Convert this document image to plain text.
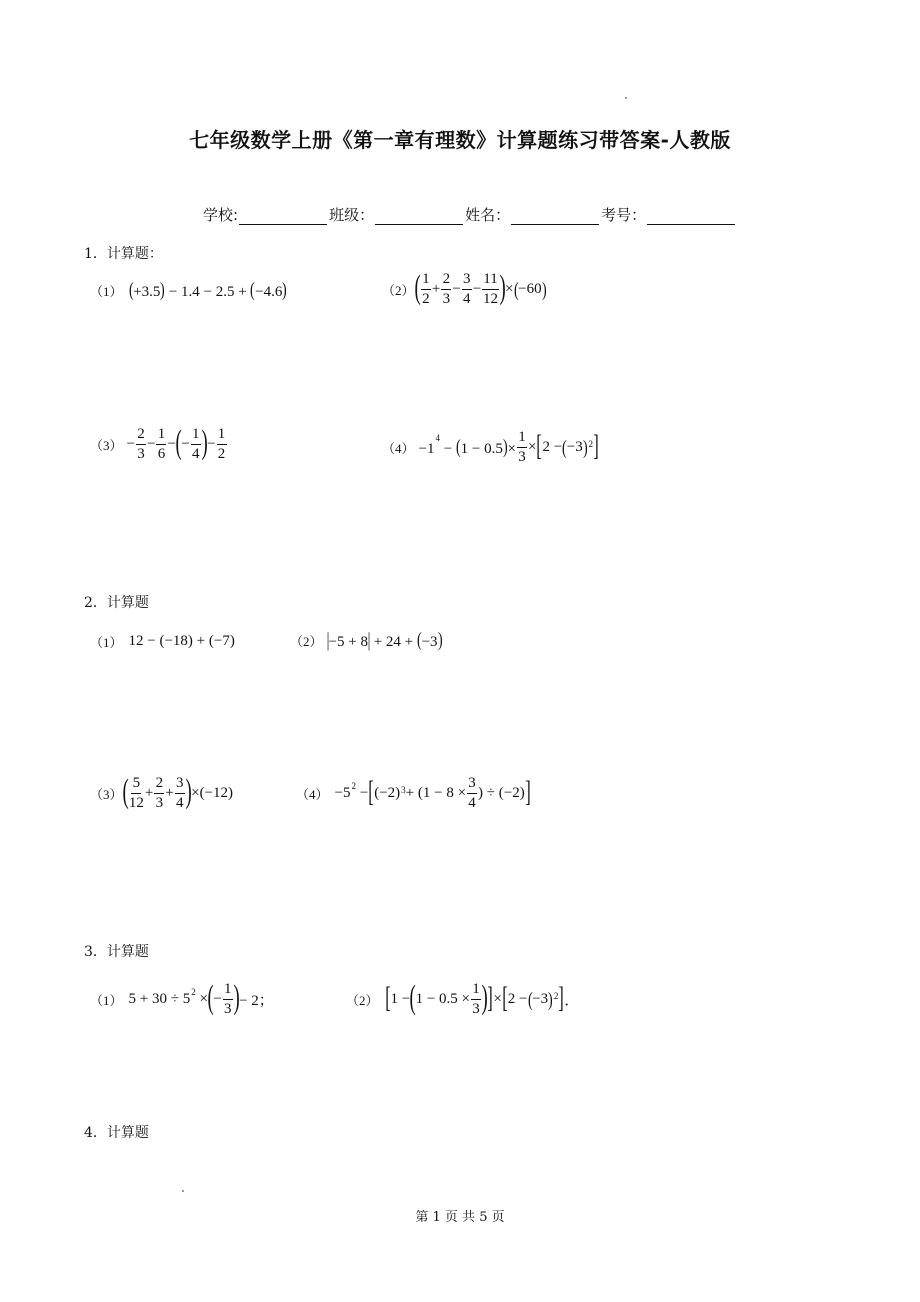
七年级数学上册《第一章有理数》计算题练习带答案-人教版
学校:	班级：	姓名：	考号：
1．计算题：
（1） (+3.5) − 1.4 − 2.5 + (−4.6)	（2） ( 1
2
+
2
3
−
3
4
−
11
12 ) × ( −60 )
$(3) - \frac{2}{3}$ −
1
6
− ( −
1
4 ) −
1
2	$(4) -1^4 - (1 - 0.5)\times \frac{1}{3}$ × [ 2 − ( −3 )$^2$ ]
2．计算题
（1） 12 − (−18) + (−7)	（2） |−5 + 8| + 24 + (−3)
（3） ( 5
12
+
2
3
+
3
4 ) ×(−12)	$(4) -5^2$ − [ $(-2)^3 + (1 - 8$ ×
3
4
) ÷ (−2) ]
3．计算题
（1） $5 + 30 \div 5^2$ × ( −
1
3 ) − 2；	（2） [ 1 − ( 1 − 0.5 ×
1
3 ) ] × [ 2 − ( −3 )$^2$ ] ．
4．计算题
第 1 页 共 5 页
